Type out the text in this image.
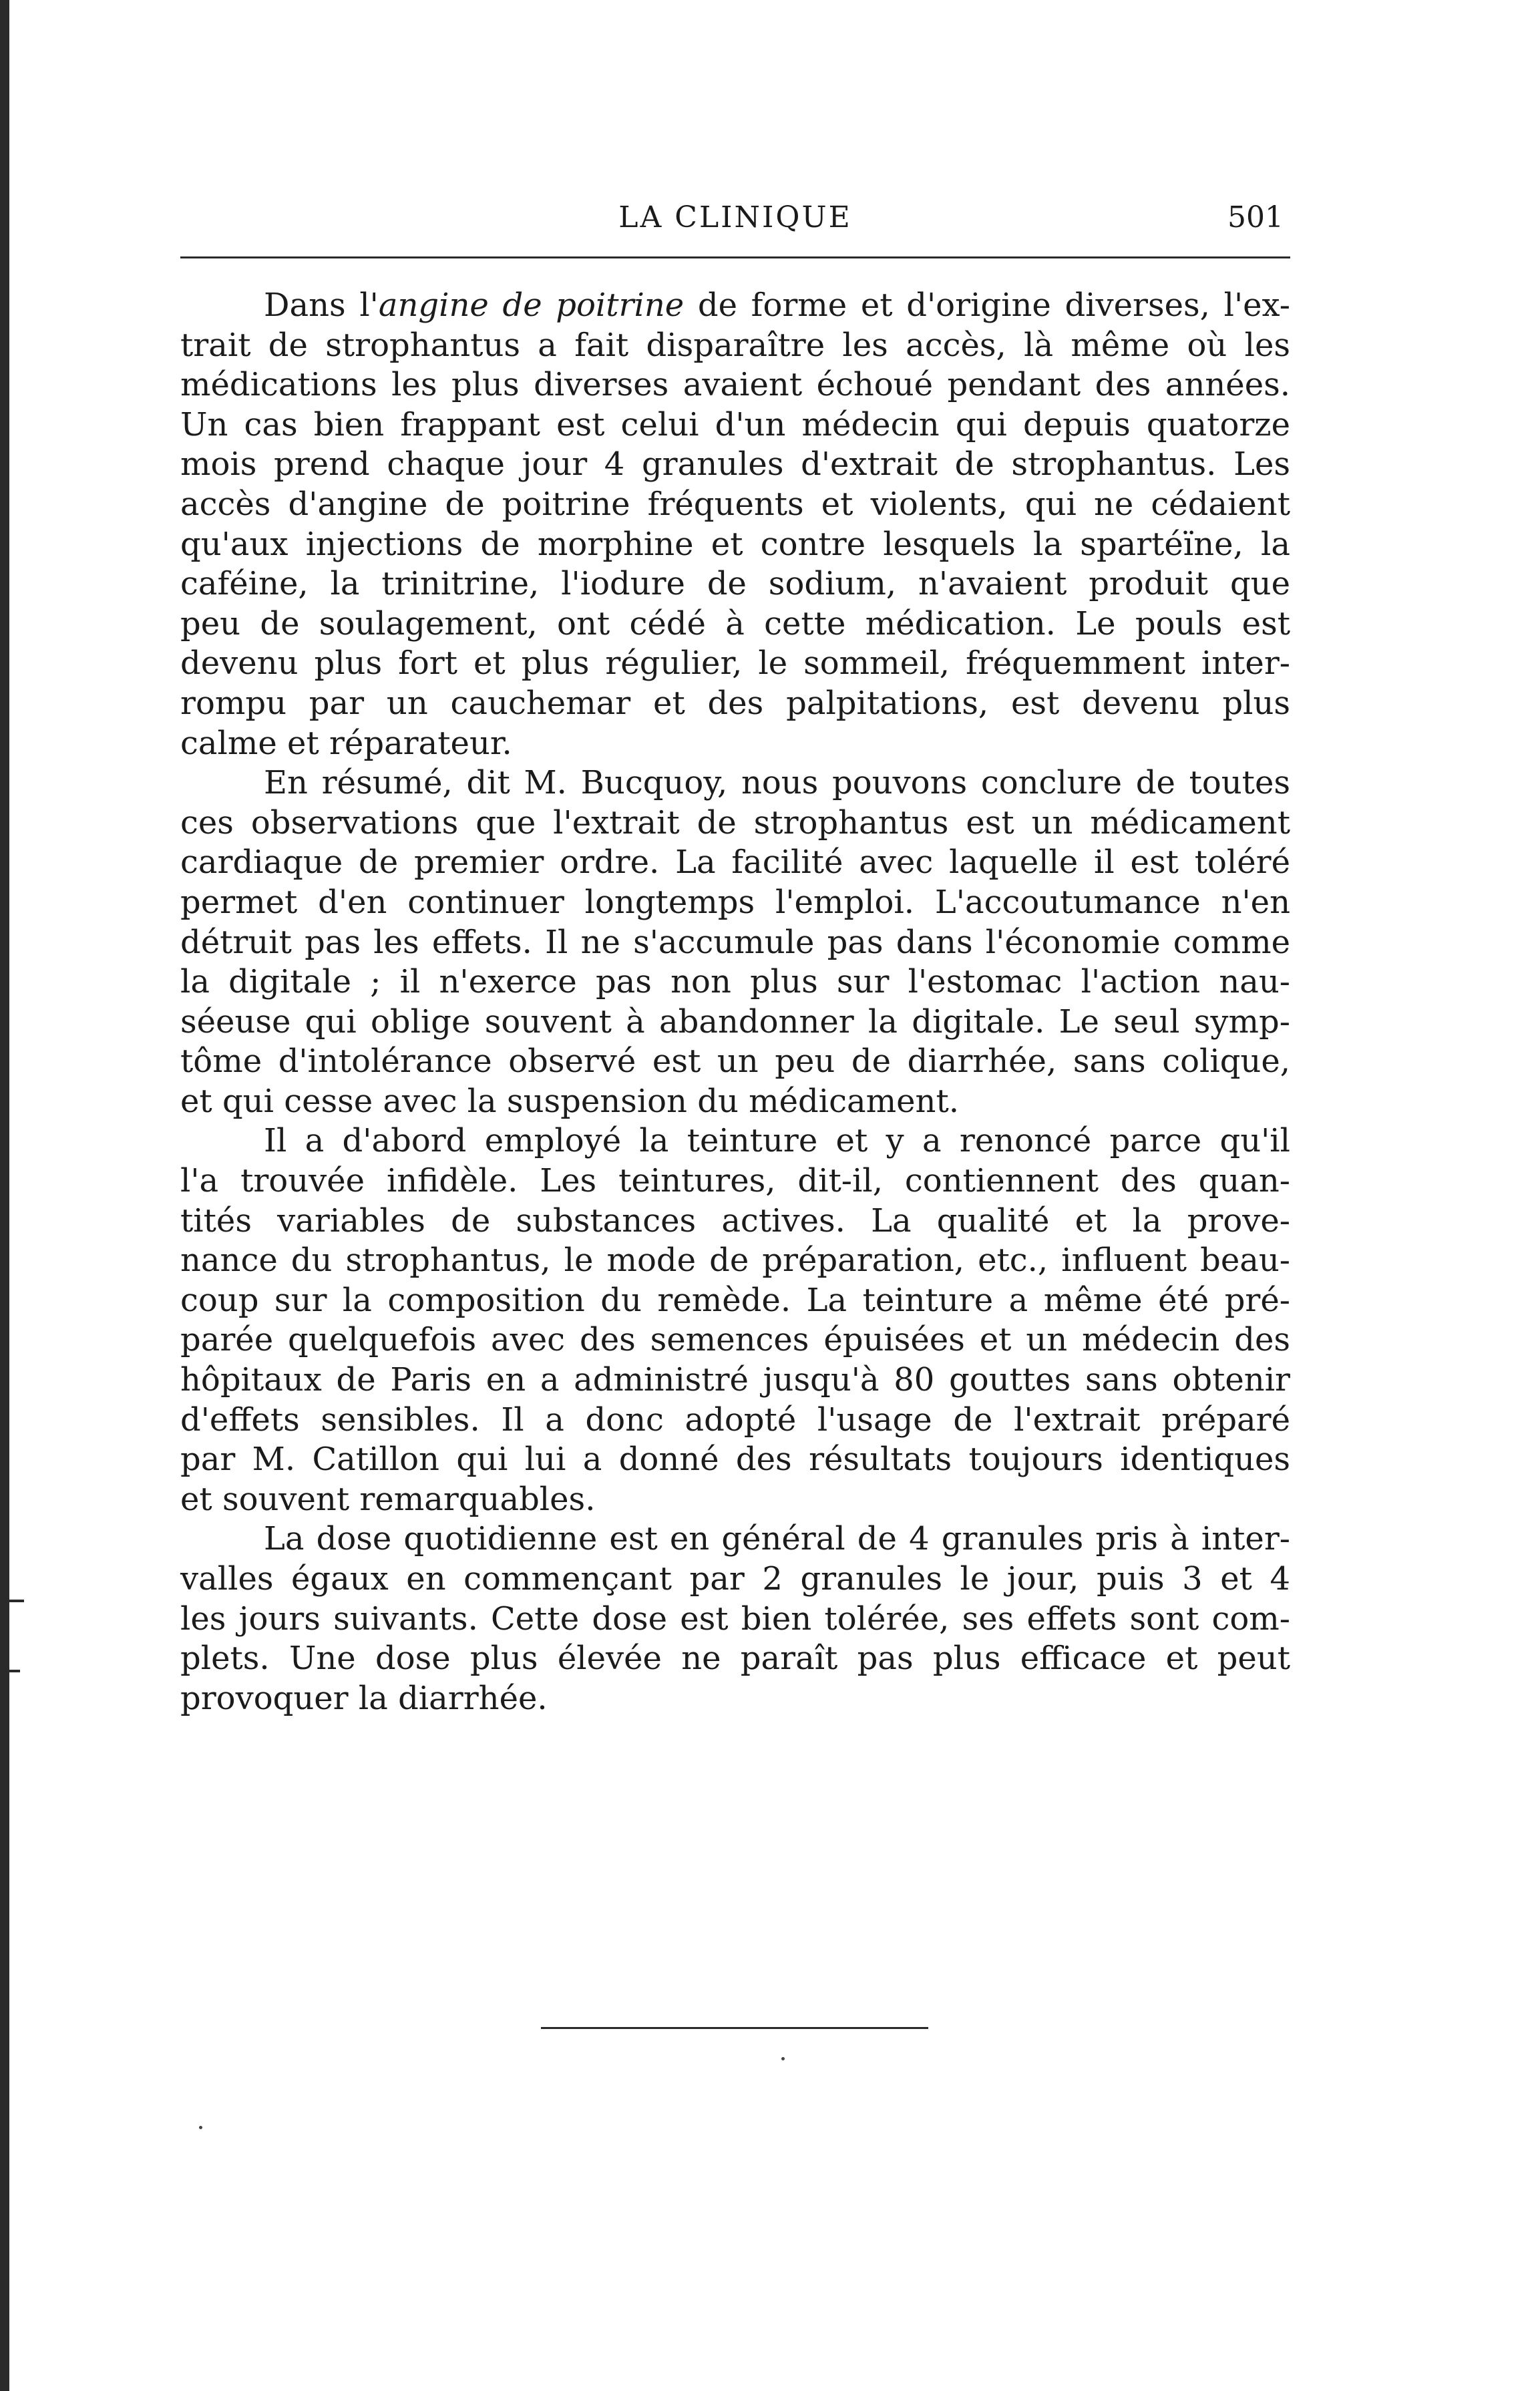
LA CLINIQUE	501

Dans l'angine de poitrine de forme et d'origine diverses, l'ex-
trait de strophantus a fait disparaître les accès, là même où les
médications les plus diverses avaient échoué pendant des années.
Un cas bien frappant est celui d'un médecin qui depuis quatorze
mois prend chaque jour 4 granules d'extrait de strophantus. Les
accès d'angine de poitrine fréquents et violents, qui ne cédaient
qu'aux injections de morphine et contre lesquels la spartéïne, la
caféine, la trinitrine, l'iodure de sodium, n'avaient produit que
peu de soulagement, ont cédé à cette médication. Le pouls est
devenu plus fort et plus régulier, le sommeil, fréquemment inter-
rompu par un cauchemar et des palpitations, est devenu plus
calme et réparateur.

En résumé, dit M. Bucquoy, nous pouvons conclure de toutes
ces observations que l'extrait de strophantus est un médicament
cardiaque de premier ordre. La facilité avec laquelle il est toléré
permet d'en continuer longtemps l'emploi. L'accoutumance n'en
détruit pas les effets. Il ne s'accumule pas dans l'économie comme
la digitale ; il n'exerce pas non plus sur l'estomac l'action nau-
séeuse qui oblige souvent à abandonner la digitale. Le seul symp-
tôme d'intolérance observé est un peu de diarrhée, sans colique,
et qui cesse avec la suspension du médicament.

Il a d'abord employé la teinture et y a renoncé parce qu'il
l'a trouvée infidèle. Les teintures, dit-il, contiennent des quan-
tités variables de substances actives. La qualité et la prove-
nance du strophantus, le mode de préparation, etc., influent beau-
coup sur la composition du remède. La teinture a même été pré-
parée quelquefois avec des semences épuisées et un médecin des
hôpitaux de Paris en a administré jusqu'à 80 gouttes sans obtenir
d'effets sensibles. Il a donc adopté l'usage de l'extrait préparé
par M. Catillon qui lui a donné des résultats toujours identiques
et souvent remarquables.

La dose quotidienne est en général de 4 granules pris à inter-
valles égaux en commençant par 2 granules le jour, puis 3 et 4
les jours suivants. Cette dose est bien tolérée, ses effets sont com-
plets. Une dose plus élevée ne paraît pas plus efficace et peut
provoquer la diarrhée.
